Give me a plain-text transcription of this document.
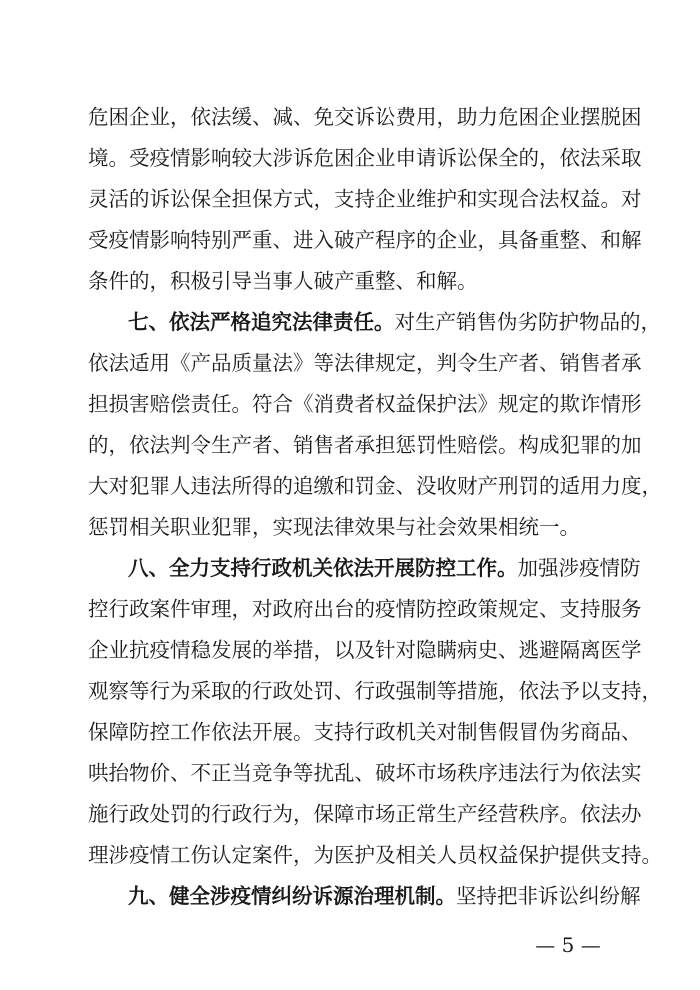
危困企业，依法缓、减、免交诉讼费用，助力危困企业摆脱困
境。受疫情影响较大涉诉危困企业申请诉讼保全的，依法采取
灵活的诉讼保全担保方式，支持企业维护和实现合法权益。对
受疫情影响特别严重、进入破产程序的企业，具备重整、和解
条件的，积极引导当事人破产重整、和解。
七、依法严格追究法律责任。对生产销售伪劣防护物品的，
依法适用《产品质量法》等法律规定，判令生产者、销售者承
担损害赔偿责任。符合《消费者权益保护法》规定的欺诈情形
的，依法判令生产者、销售者承担惩罚性赔偿。构成犯罪的加
大对犯罪人违法所得的追缴和罚金、没收财产刑罚的适用力度，
惩罚相关职业犯罪，实现法律效果与社会效果相统一。
八、全力支持行政机关依法开展防控工作。加强涉疫情防
控行政案件审理，对政府出台的疫情防控政策规定、支持服务
企业抗疫情稳发展的举措，以及针对隐瞒病史、逃避隔离医学
观察等行为采取的行政处罚、行政强制等措施，依法予以支持，
保障防控工作依法开展。支持行政机关对制售假冒伪劣商品、
哄抬物价、不正当竞争等扰乱、破坏市场秩序违法行为依法实
施行政处罚的行政行为，保障市场正常生产经营秩序。依法办
理涉疫情工伤认定案件，为医护及相关人员权益保护提供支持。
九、健全涉疫情纠纷诉源治理机制。坚持把非诉讼纠纷解
— 5 —
